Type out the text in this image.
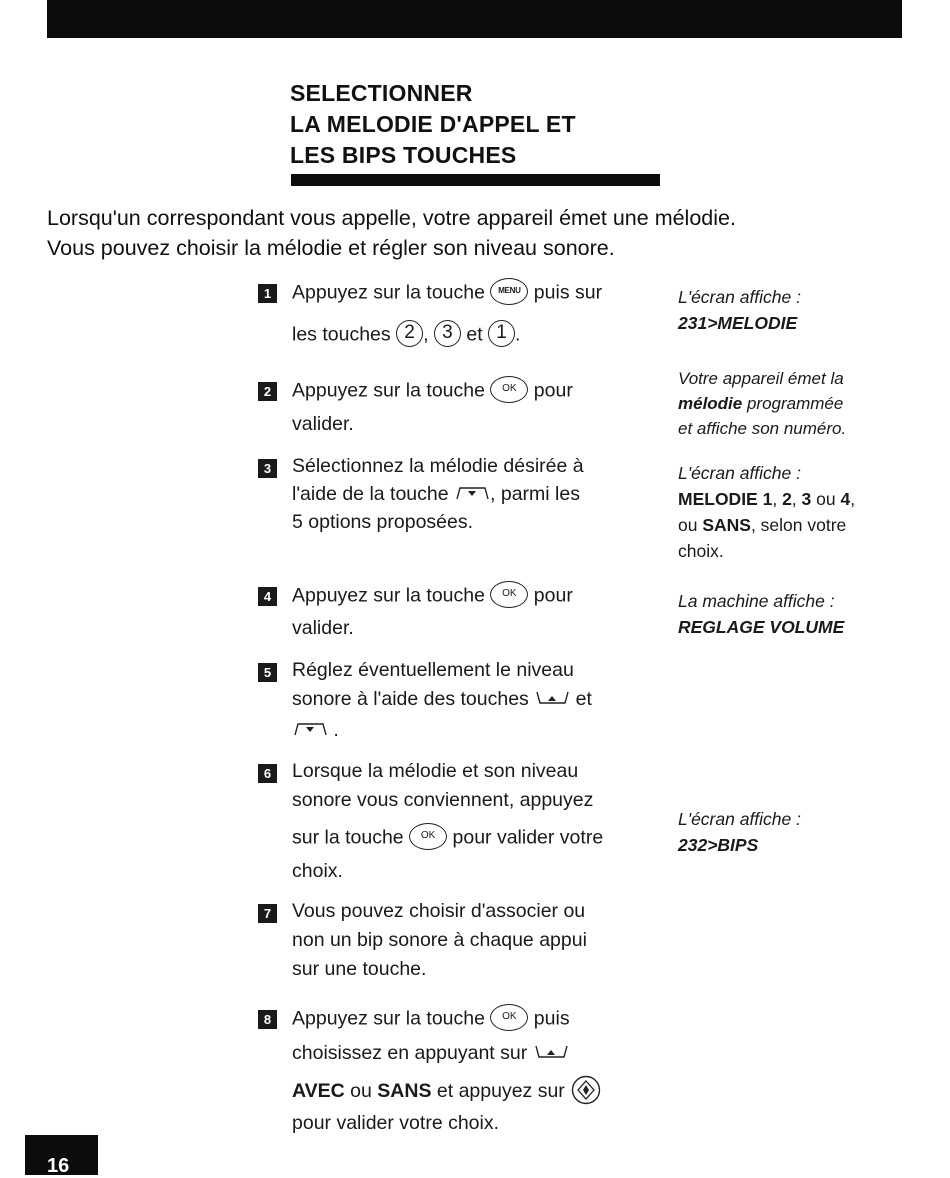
SELECTIONNER
LA MELODIE D'APPEL ET
LES BIPS TOUCHES

Lorsqu'un correspondant vous appelle, votre appareil émet une mélodie.
Vous pouvez choisir la mélodie et régler son niveau sonore.

1	Appuyez sur la touche MENU puis sur
les touches 2 , 3 et 1 .
2	Appuyez sur la touche OK pour
valider.
3	Sélectionnez la mélodie désirée à
l'aide de la touche , parmi les
5 options proposées.
4	Appuyez sur la touche OK pour
valider.
5	Réglez éventuellement le niveau
sonore à l'aide des touches et
.
6	Lorsque la mélodie et son niveau
sonore vous conviennent, appuyez
sur la touche OK pour valider votre
choix.
7	Vous pouvez choisir d'associer ou
non un bip sonore à chaque appui
sur une touche.
8	Appuyez sur la touche OK puis
choisissez en appuyant sur
AVEC ou SANS et appuyez sur
pour valider votre choix.
L'écran affiche :
231>MELODIE
Votre appareil émet la
mélodie programmée
et affiche son numéro.
L'écran affiche :
MELODIE 1, 2, 3 ou 4,
ou SANS, selon votre
choix.
La machine affiche :
REGLAGE VOLUME
L'écran affiche :
232>BIPS
16
